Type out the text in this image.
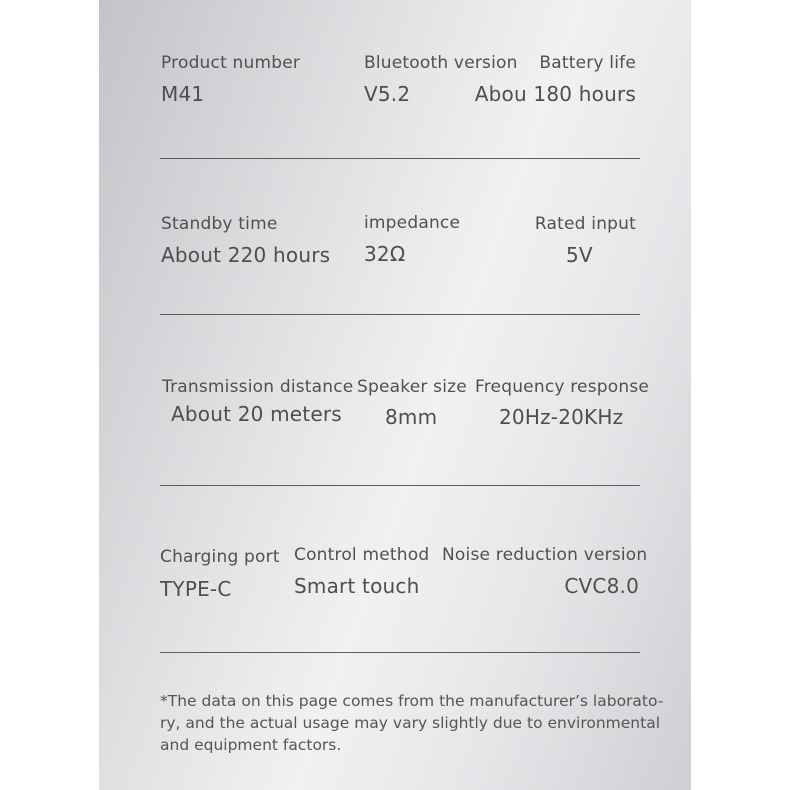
Product number
M41
Bluetooth version
V5.2
Battery life
Abou 180 hours
Standby time
About 220 hours
impedance
32Ω
Rated input
5V
Transmission distance
About 20 meters
Speaker size
8mm
Frequency response
20Hz-20KHz
Charging port
TYPE-C
Control method
Smart touch
Noise reduction version
CVC8.0
*The data on this page comes from the manufacturer’s laborato-
ry, and the actual usage may vary slightly due to environmental
and equipment factors.
